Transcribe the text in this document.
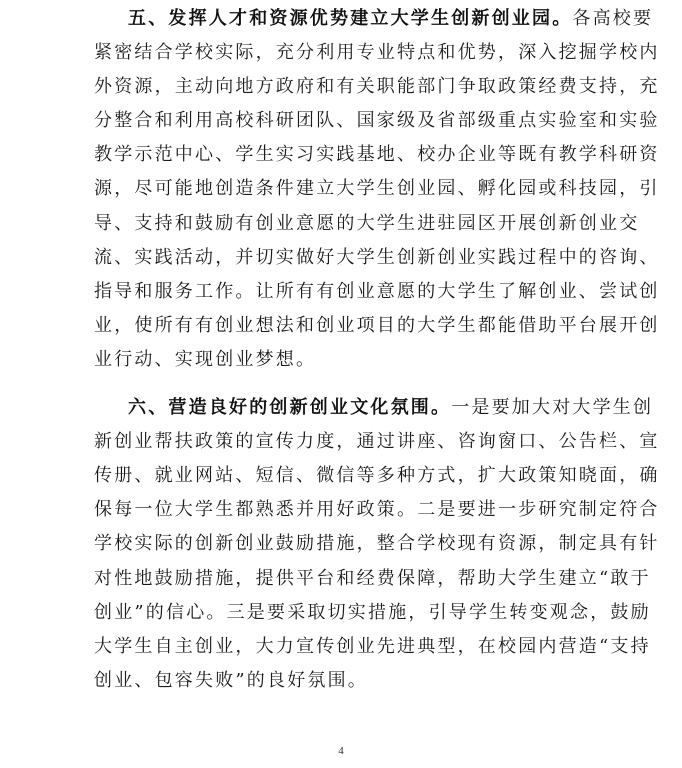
五、发挥人才和资源优势建立大学生创新创业园。各高校要

紧密结合学校实际，充分利用专业特点和优势，深入挖掘学校内

外资源，主动向地方政府和有关职能部门争取政策经费支持，充

分整合和利用高校科研团队、国家级及省部级重点实验室和实验

教学示范中心、学生实习实践基地、校办企业等既有教学科研资

源，尽可能地创造条件建立大学生创业园、孵化园或科技园，引

导、支持和鼓励有创业意愿的大学生进驻园区开展创新创业交

流、实践活动，并切实做好大学生创新创业实践过程中的咨询、

指导和服务工作。让所有有创业意愿的大学生了解创业、尝试创

业，使所有有创业想法和创业项目的大学生都能借助平台展开创

业行动、实现创业梦想。

六、营造良好的创新创业文化氛围。一是要加大对大学生创

新创业帮扶政策的宣传力度，通过讲座、咨询窗口、公告栏、宣

传册、就业网站、短信、微信等多种方式，扩大政策知晓面，确

保每一位大学生都熟悉并用好政策。二是要进一步研究制定符合

学校实际的创新创业鼓励措施，整合学校现有资源，制定具有针

对性地鼓励措施，提供平台和经费保障，帮助大学生建立“敢于

创业”的信心。三是要采取切实措施，引导学生转变观念，鼓励

大学生自主创业，大力宣传创业先进典型，在校园内营造“支持

创业、包容失败”的良好氛围。

4
